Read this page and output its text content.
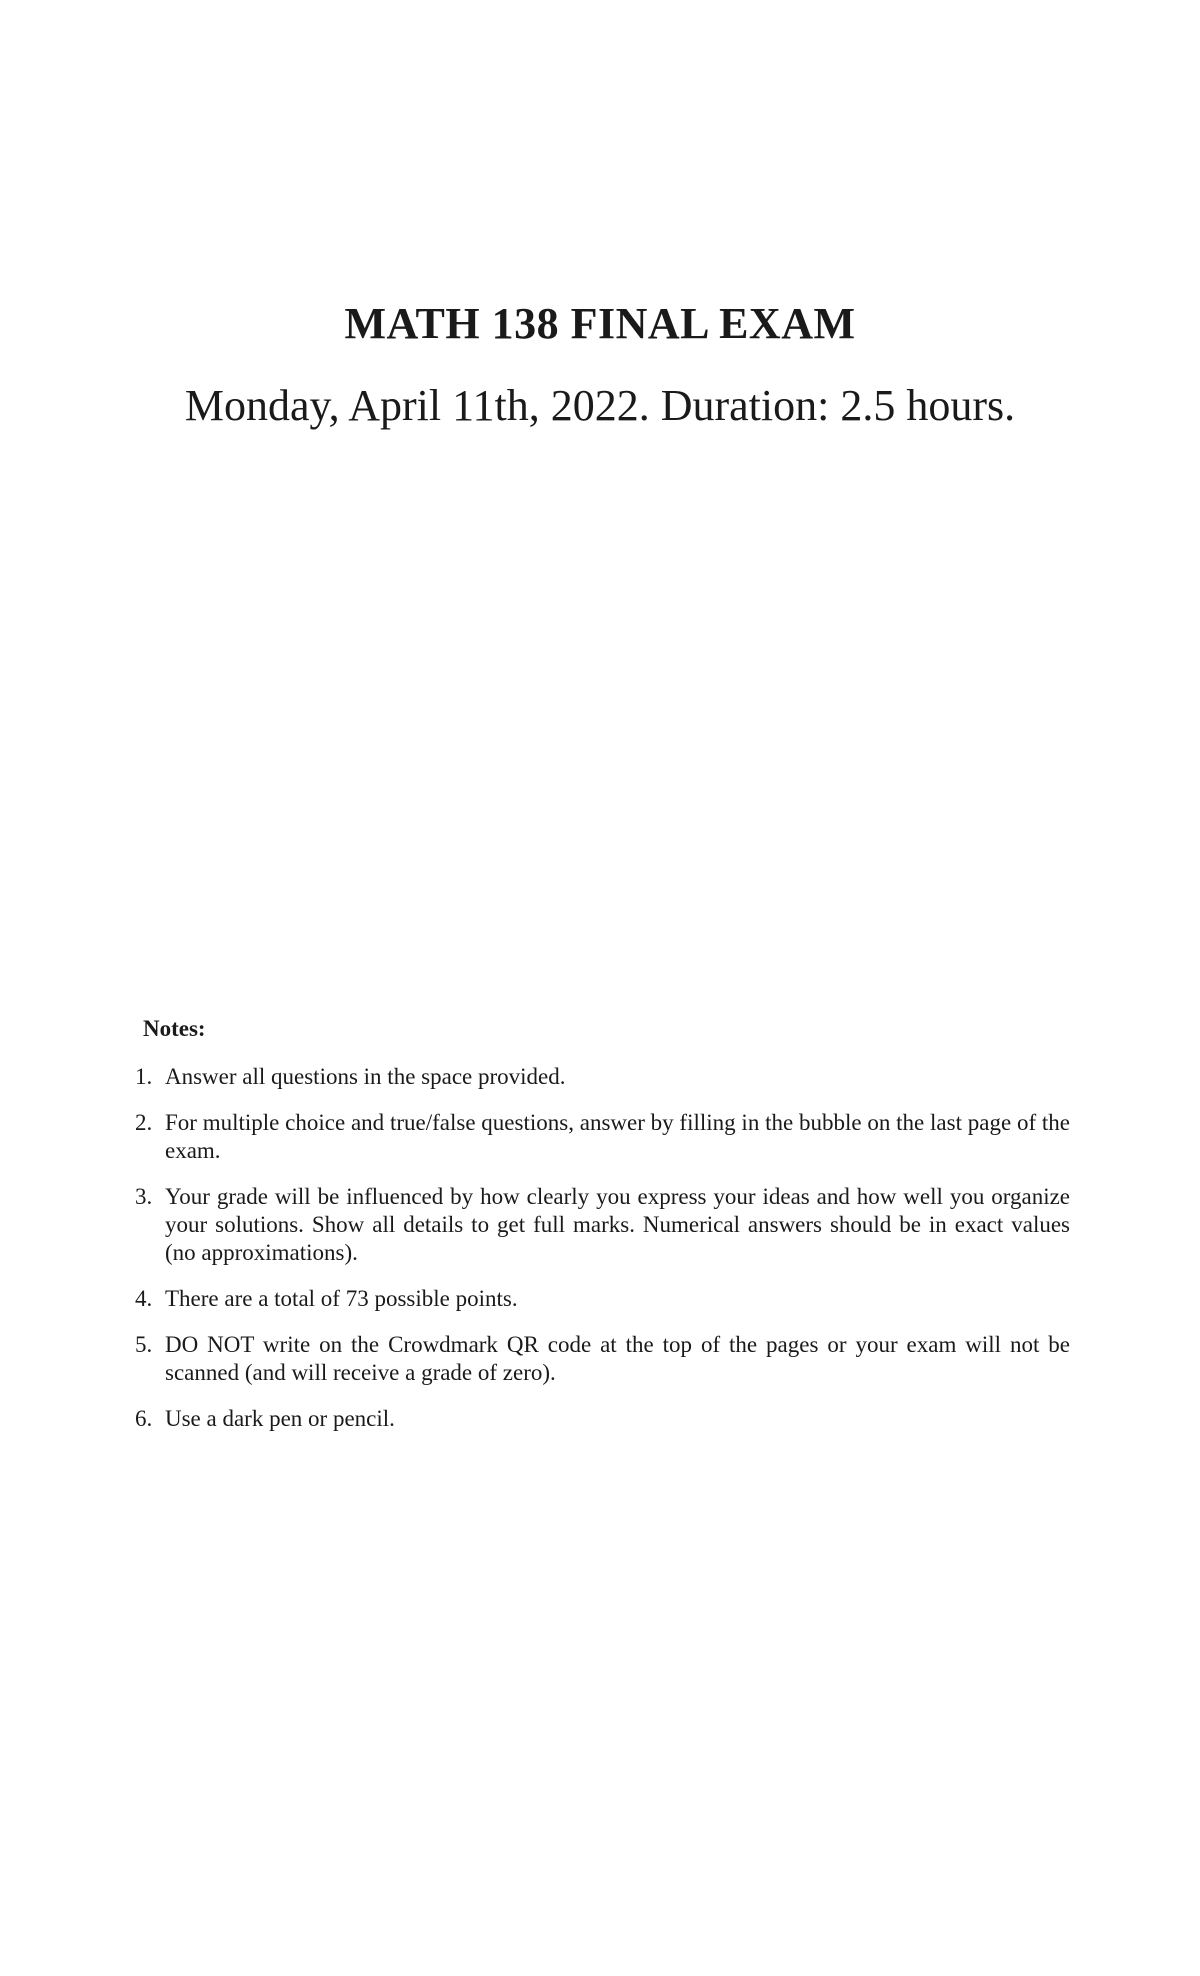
MATH 138 FINAL EXAM
Monday, April 11th, 2022. Duration: 2.5 hours.
Notes:
1. Answer all questions in the space provided.
2. For multiple choice and true/false questions, answer by filling in the bubble on the last page of the exam.
3. Your grade will be influenced by how clearly you express your ideas and how well you organize your solutions. Show all details to get full marks. Numerical answers should be in exact values (no approximations).
4. There are a total of 73 possible points.
5. DO NOT write on the Crowdmark QR code at the top of the pages or your exam will not be scanned (and will receive a grade of zero).
6. Use a dark pen or pencil.
